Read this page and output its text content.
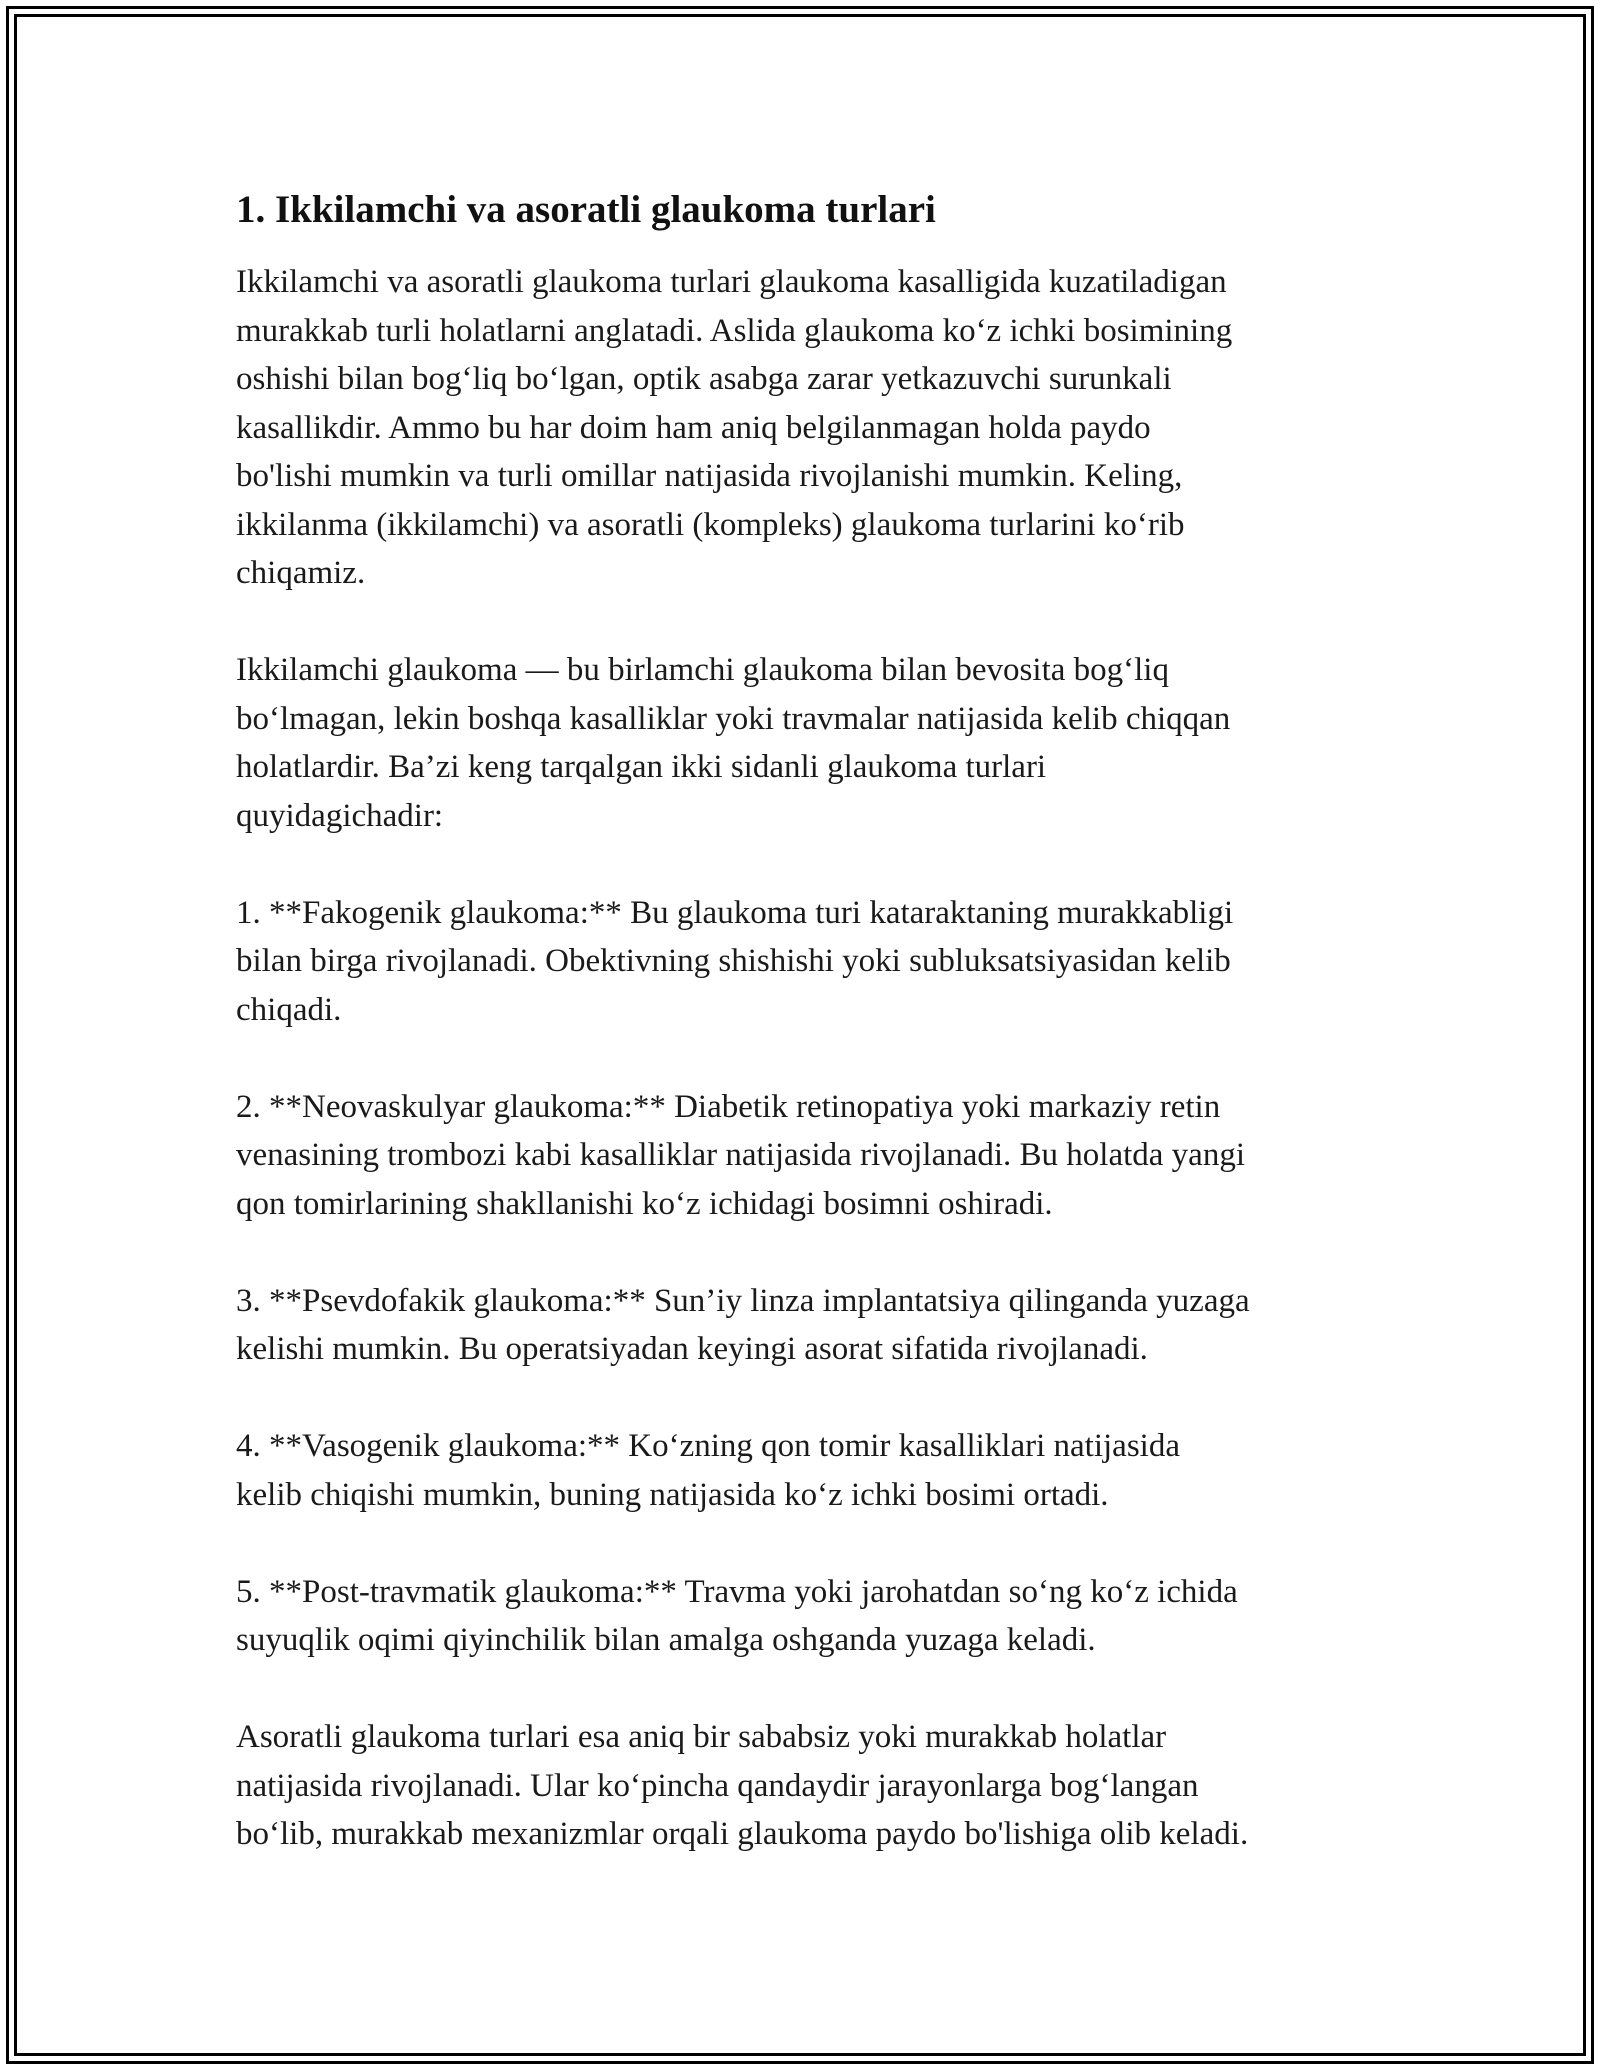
1. Ikkilamchi va asoratli glaukoma turlari

Ikkilamchi va asoratli glaukoma turlari glaukoma kasalligida kuzatiladigan
murakkab turli holatlarni anglatadi. Aslida glaukoma ko‘z ichki bosimining
oshishi bilan bog‘liq bo‘lgan, optik asabga zarar yetkazuvchi surunkali
kasallikdir. Ammo bu har doim ham aniq belgilanmagan holda paydo
bo'lishi mumkin va turli omillar natijasida rivojlanishi mumkin. Keling,
ikkilanma (ikkilamchi) va asoratli (kompleks) glaukoma turlarini ko‘rib
chiqamiz.

Ikkilamchi glaukoma — bu birlamchi glaukoma bilan bevosita bog‘liq
bo‘lmagan, lekin boshqa kasalliklar yoki travmalar natijasida kelib chiqqan
holatlardir. Ba’zi keng tarqalgan ikki sidanli glaukoma turlari
quyidagichadir:

1. **Fakogenik glaukoma:** Bu glaukoma turi kataraktaning murakkabligi
bilan birga rivojlanadi. Obektivning shishishi yoki subluksatsiyasidan kelib
chiqadi.

2. **Neovaskulyar glaukoma:** Diabetik retinopatiya yoki markaziy retin
venasining trombozi kabi kasalliklar natijasida rivojlanadi. Bu holatda yangi
qon tomirlarining shakllanishi ko‘z ichidagi bosimni oshiradi.

3. **Psevdofakik glaukoma:** Sun’iy linza implantatsiya qilinganda yuzaga
kelishi mumkin. Bu operatsiyadan keyingi asorat sifatida rivojlanadi.

4. **Vasogenik glaukoma:** Ko‘zning qon tomir kasalliklari natijasida
kelib chiqishi mumkin, buning natijasida ko‘z ichki bosimi ortadi.

5. **Post-travmatik glaukoma:** Travma yoki jarohatdan so‘ng ko‘z ichida
suyuqlik oqimi qiyinchilik bilan amalga oshganda yuzaga keladi.

Asoratli glaukoma turlari esa aniq bir sababsiz yoki murakkab holatlar
natijasida rivojlanadi. Ular ko‘pincha qandaydir jarayonlarga bog‘langan
bo‘lib, murakkab mexanizmlar orqali glaukoma paydo bo'lishiga olib keladi.
